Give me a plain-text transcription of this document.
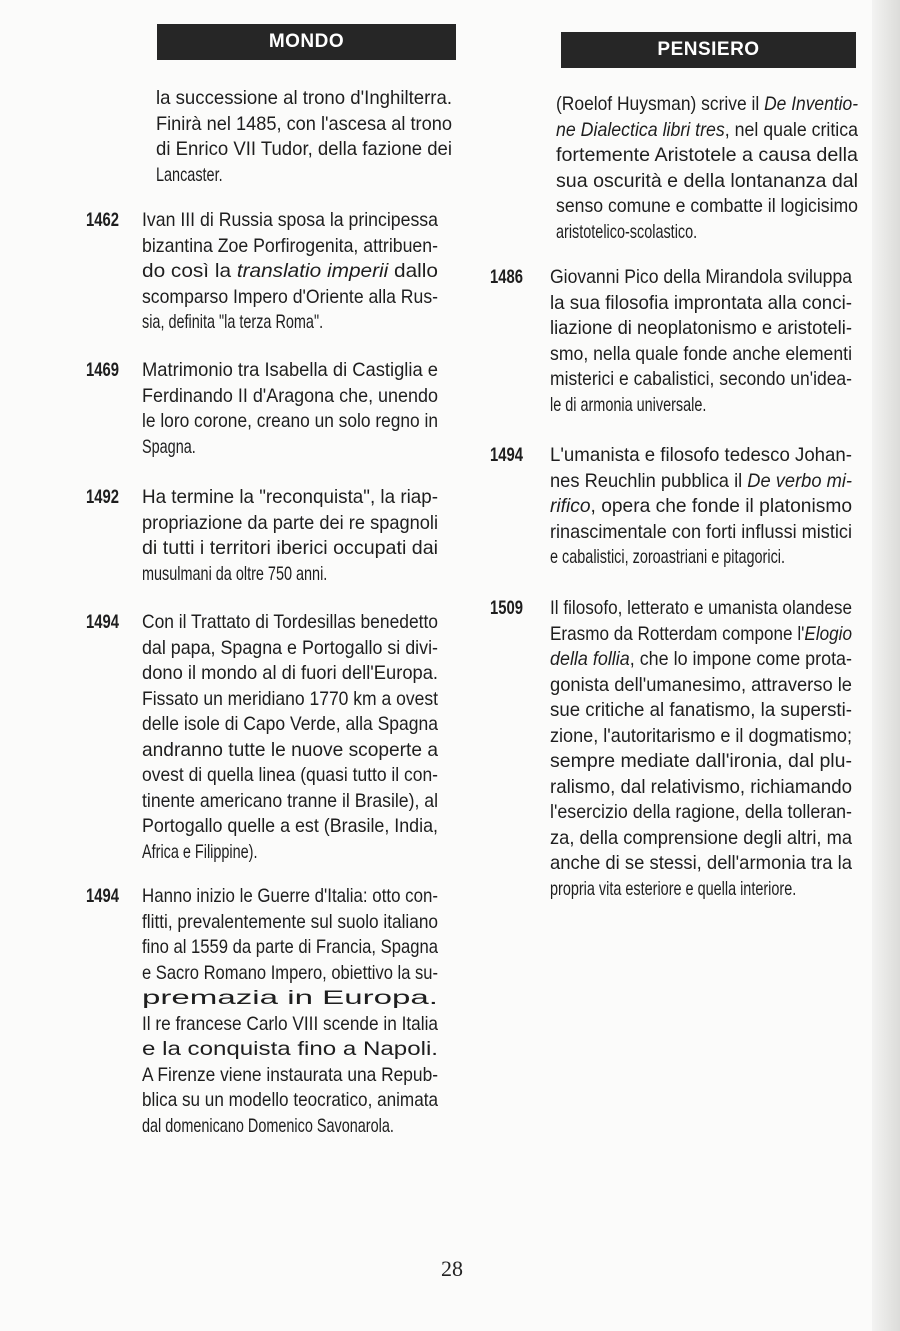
MONDO	PENSIERO
la successione al trono d'Inghilterra.
Finirà nel 1485, con l'ascesa al trono
di Enrico VII Tudor, della fazione dei
Lancaster.
1462	Ivan III di Russia sposa la principessa
bizantina Zoe Porfirogenita, attribuen-
do così la translatio imperii dallo
scomparso Impero d'Oriente alla Rus-
sia, definita "la terza Roma".
1469	Matrimonio tra Isabella di Castiglia e
Ferdinando II d'Aragona che, unendo
le loro corone, creano un solo regno in
Spagna.
1492	Ha termine la "reconquista", la riap-
propriazione da parte dei re spagnoli
di tutti i territori iberici occupati dai
musulmani da oltre 750 anni.
1494	Con il Trattato di Tordesillas benedetto
dal papa, Spagna e Portogallo si divi-
dono il mondo al di fuori dell'Europa.
Fissato un meridiano 1770 km a ovest
delle isole di Capo Verde, alla Spagna
andranno tutte le nuove scoperte a
ovest di quella linea (quasi tutto il con-
tinente americano tranne il Brasile), al
Portogallo quelle a est (Brasile, India,
Africa e Filippine).
1494	Hanno inizio le Guerre d'Italia: otto con-
flitti, prevalentemente sul suolo italiano
fino al 1559 da parte di Francia, Spagna
e Sacro Romano Impero, obiettivo la su-
premazia in Europa.
Il re francese Carlo VIII scende in Italia
e la conquista fino a Napoli.
A Firenze viene instaurata una Repub-
blica su un modello teocratico, animata
dal domenicano Domenico Savonarola.
(Roelof Huysman) scrive il De Inventio-
ne Dialectica libri tres, nel quale critica
fortemente Aristotele a causa della
sua oscurità e della lontananza dal
senso comune e combatte il logicisimo
aristotelico-scolastico.
1486	Giovanni Pico della Mirandola sviluppa
la sua filosofia improntata alla conci-
liazione di neoplatonismo e aristoteli-
smo, nella quale fonde anche elementi
misterici e cabalistici, secondo un'idea-
le di armonia universale.
1494	L'umanista e filosofo tedesco Johan-
nes Reuchlin pubblica il De verbo mi-
rifico, opera che fonde il platonismo
rinascimentale con forti influssi mistici
e cabalistici, zoroastriani e pitagorici.
1509	Il filosofo, letterato e umanista olandese
Erasmo da Rotterdam compone l'Elogio
della follia, che lo impone come prota-
gonista dell'umanesimo, attraverso le
sue critiche al fanatismo, la supersti-
zione, l'autoritarismo e il dogmatismo;
sempre mediate dall'ironia, dal plu-
ralismo, dal relativismo, richiamando
l'esercizio della ragione, della tolleran-
za, della comprensione degli altri, ma
anche di se stessi, dell'armonia tra la
propria vita esteriore e quella interiore.
28
